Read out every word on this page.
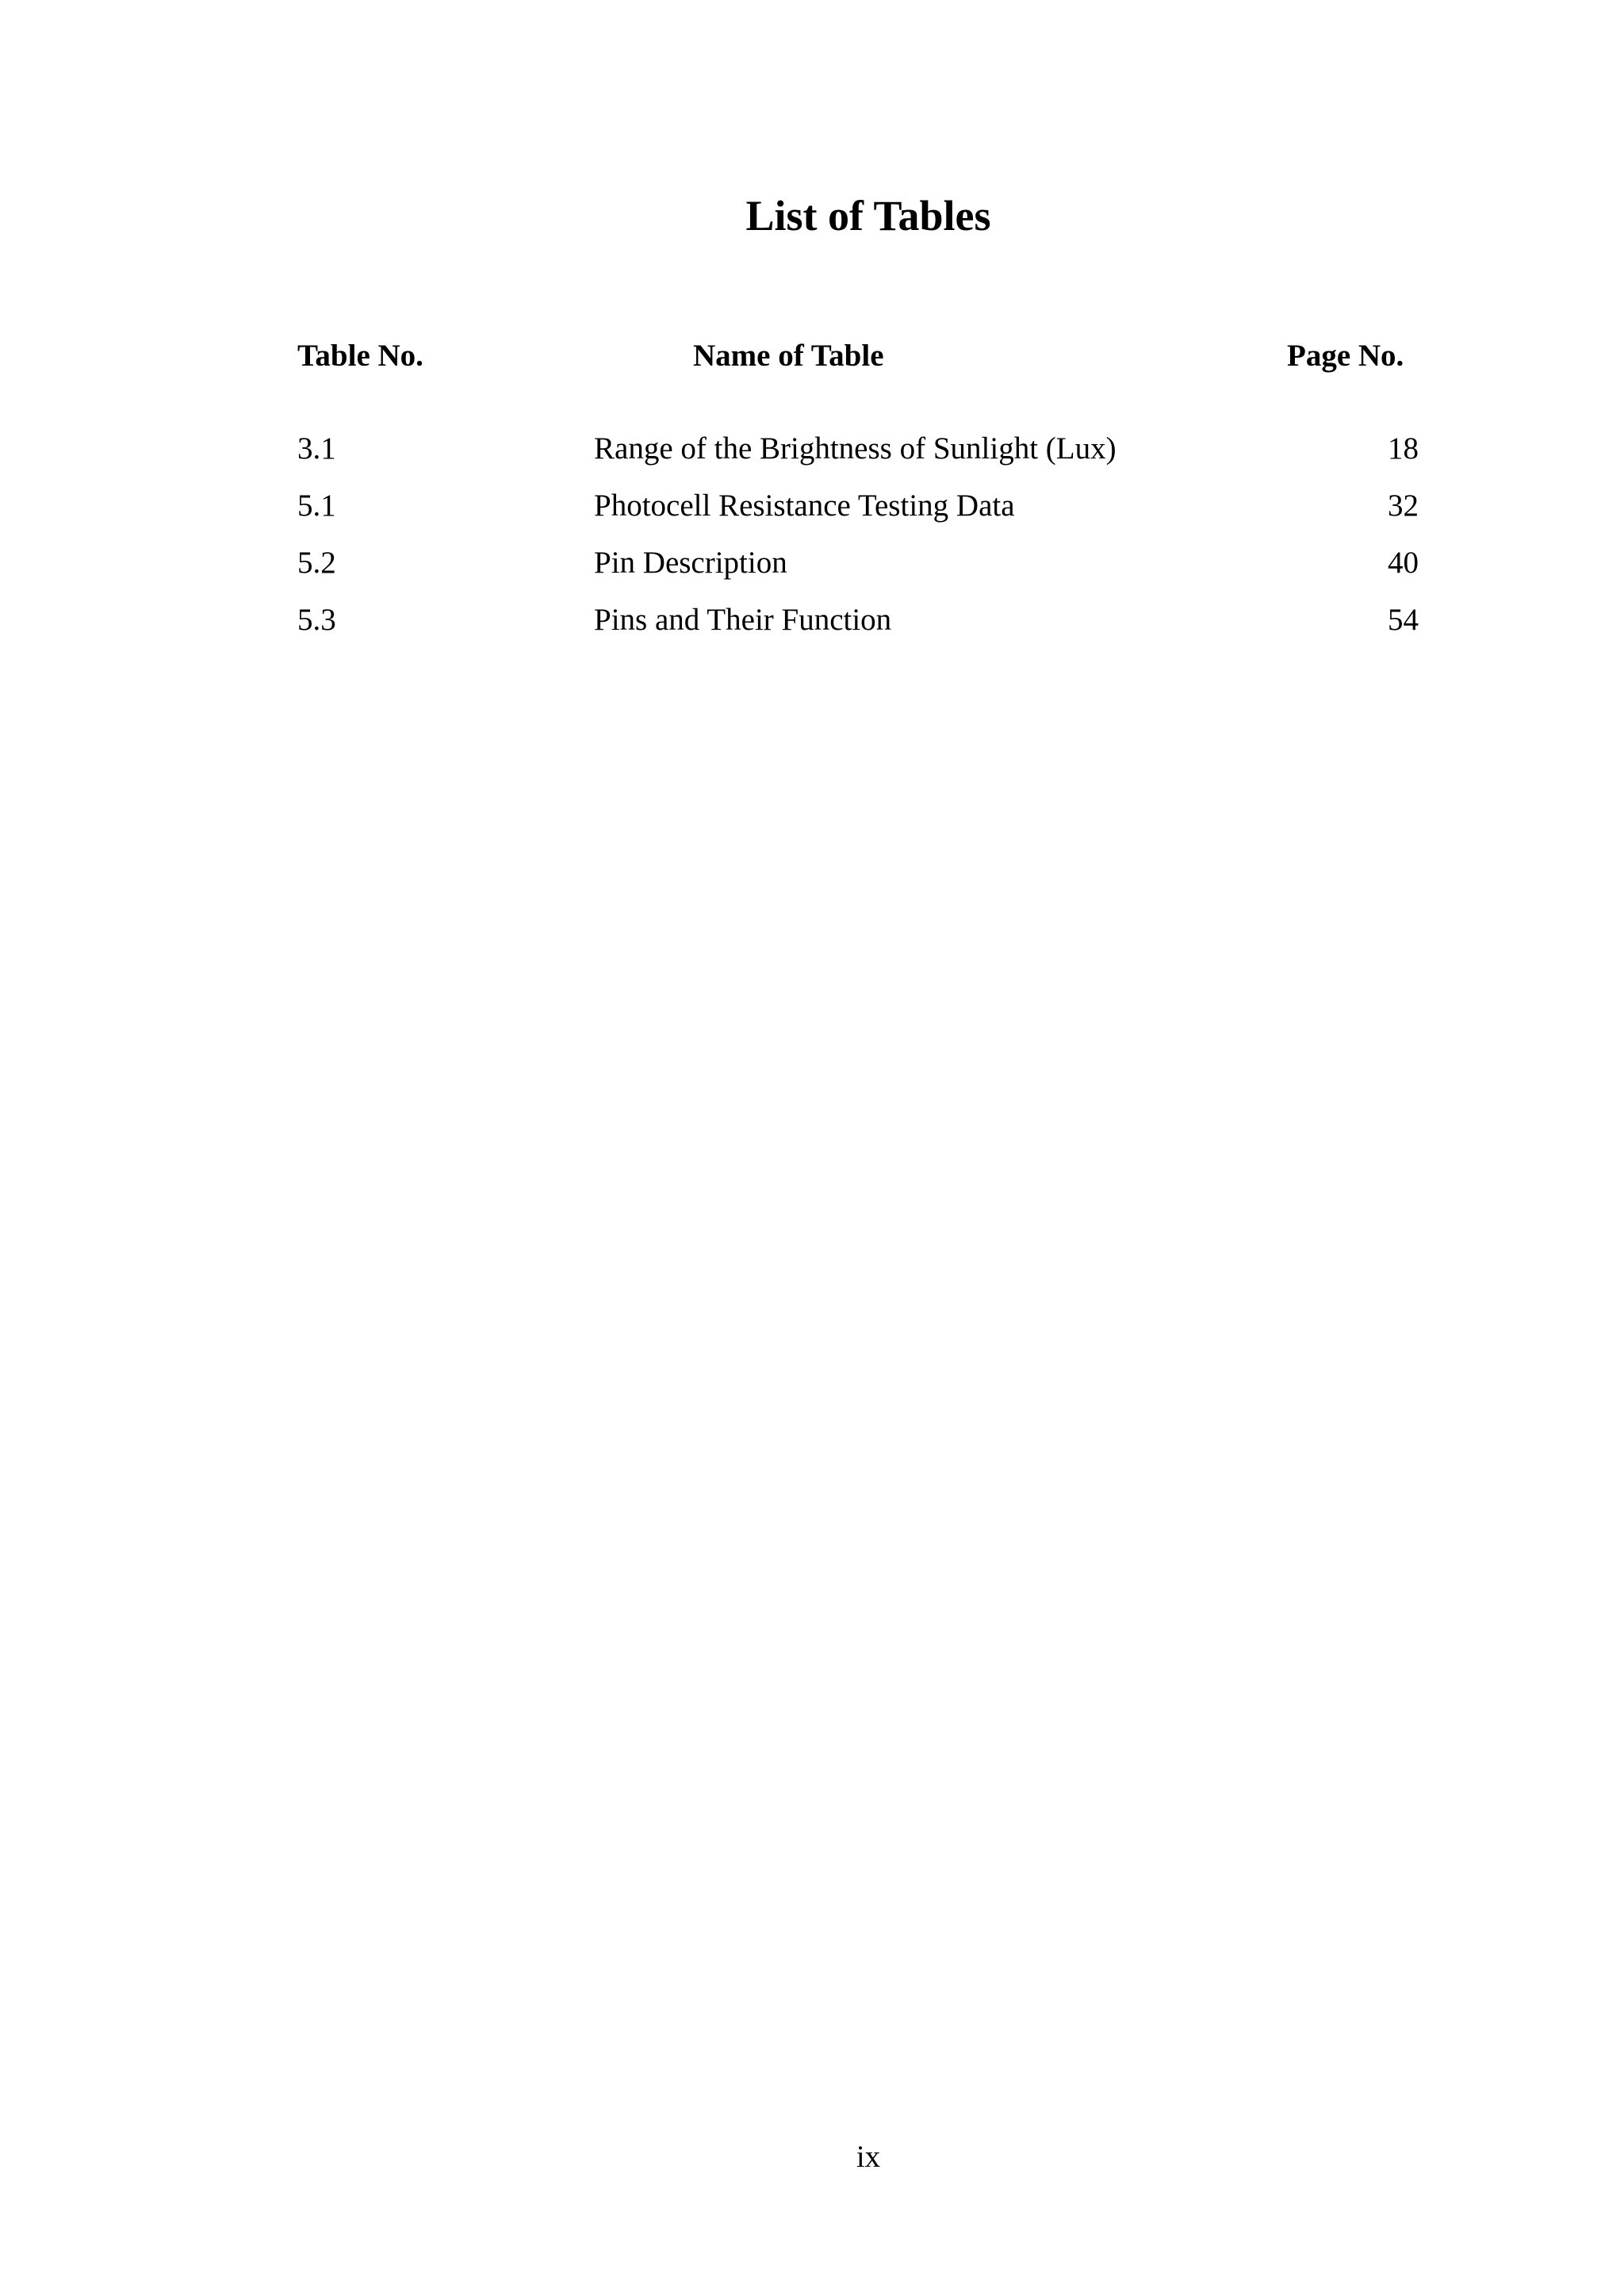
List of Tables
Table No.	Name of Table	Page No.
3.1	Range of the Brightness of Sunlight (Lux)	18
5.1	Photocell Resistance Testing Data	32
5.2	Pin Description	40
5.3	Pins and Their Function	54
ix
